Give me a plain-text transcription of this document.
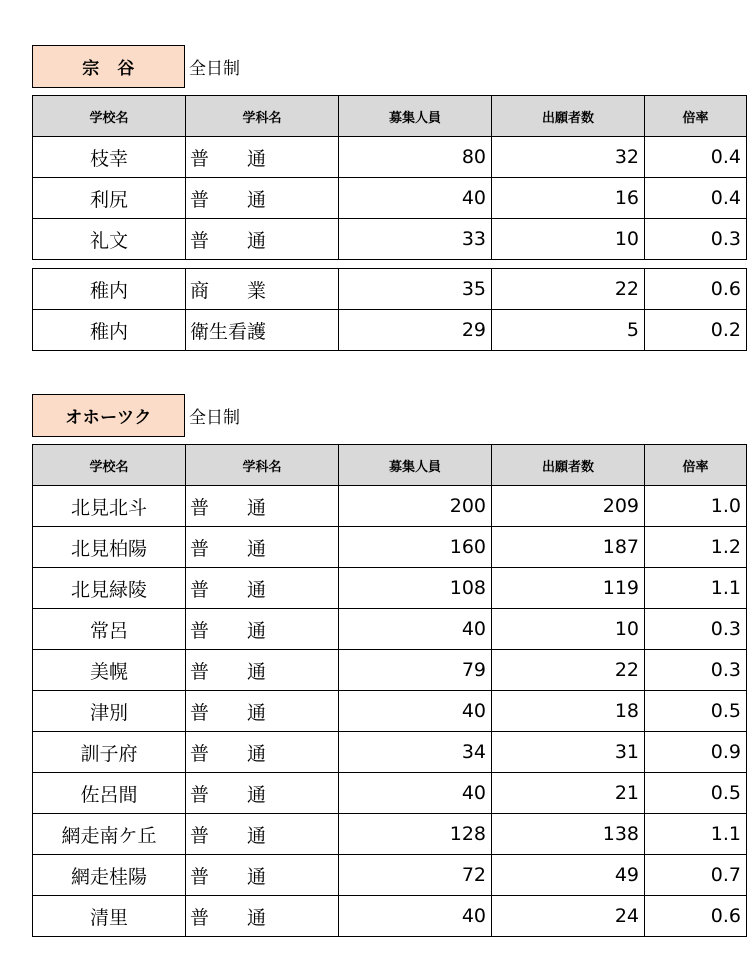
宗　谷	全日制
学校名	学科名	募集人員	出願者数	倍率
枝幸	普　　通	80	32	0.4
利尻	普　　通	40	16	0.4
礼文	普　　通	33	10	0.3

稚内	商　　業	35	22	0.6
稚内	衛生看護	29	5	0.2
オホーツク	全日制
学校名	学科名	募集人員	出願者数	倍率
北見北斗	普　　通	200	209	1.0
北見柏陽	普　　通	160	187	1.2
北見緑陵	普　　通	108	119	1.1
常呂	普　　通	40	10	0.3
美幌	普　　通	79	22	0.3
津別	普　　通	40	18	0.5
訓子府	普　　通	34	31	0.9
佐呂間	普　　通	40	21	0.5
網走南ケ丘	普　　通	128	138	1.1
網走桂陽	普　　通	72	49	0.7
清里	普　　通	40	24	0.6
